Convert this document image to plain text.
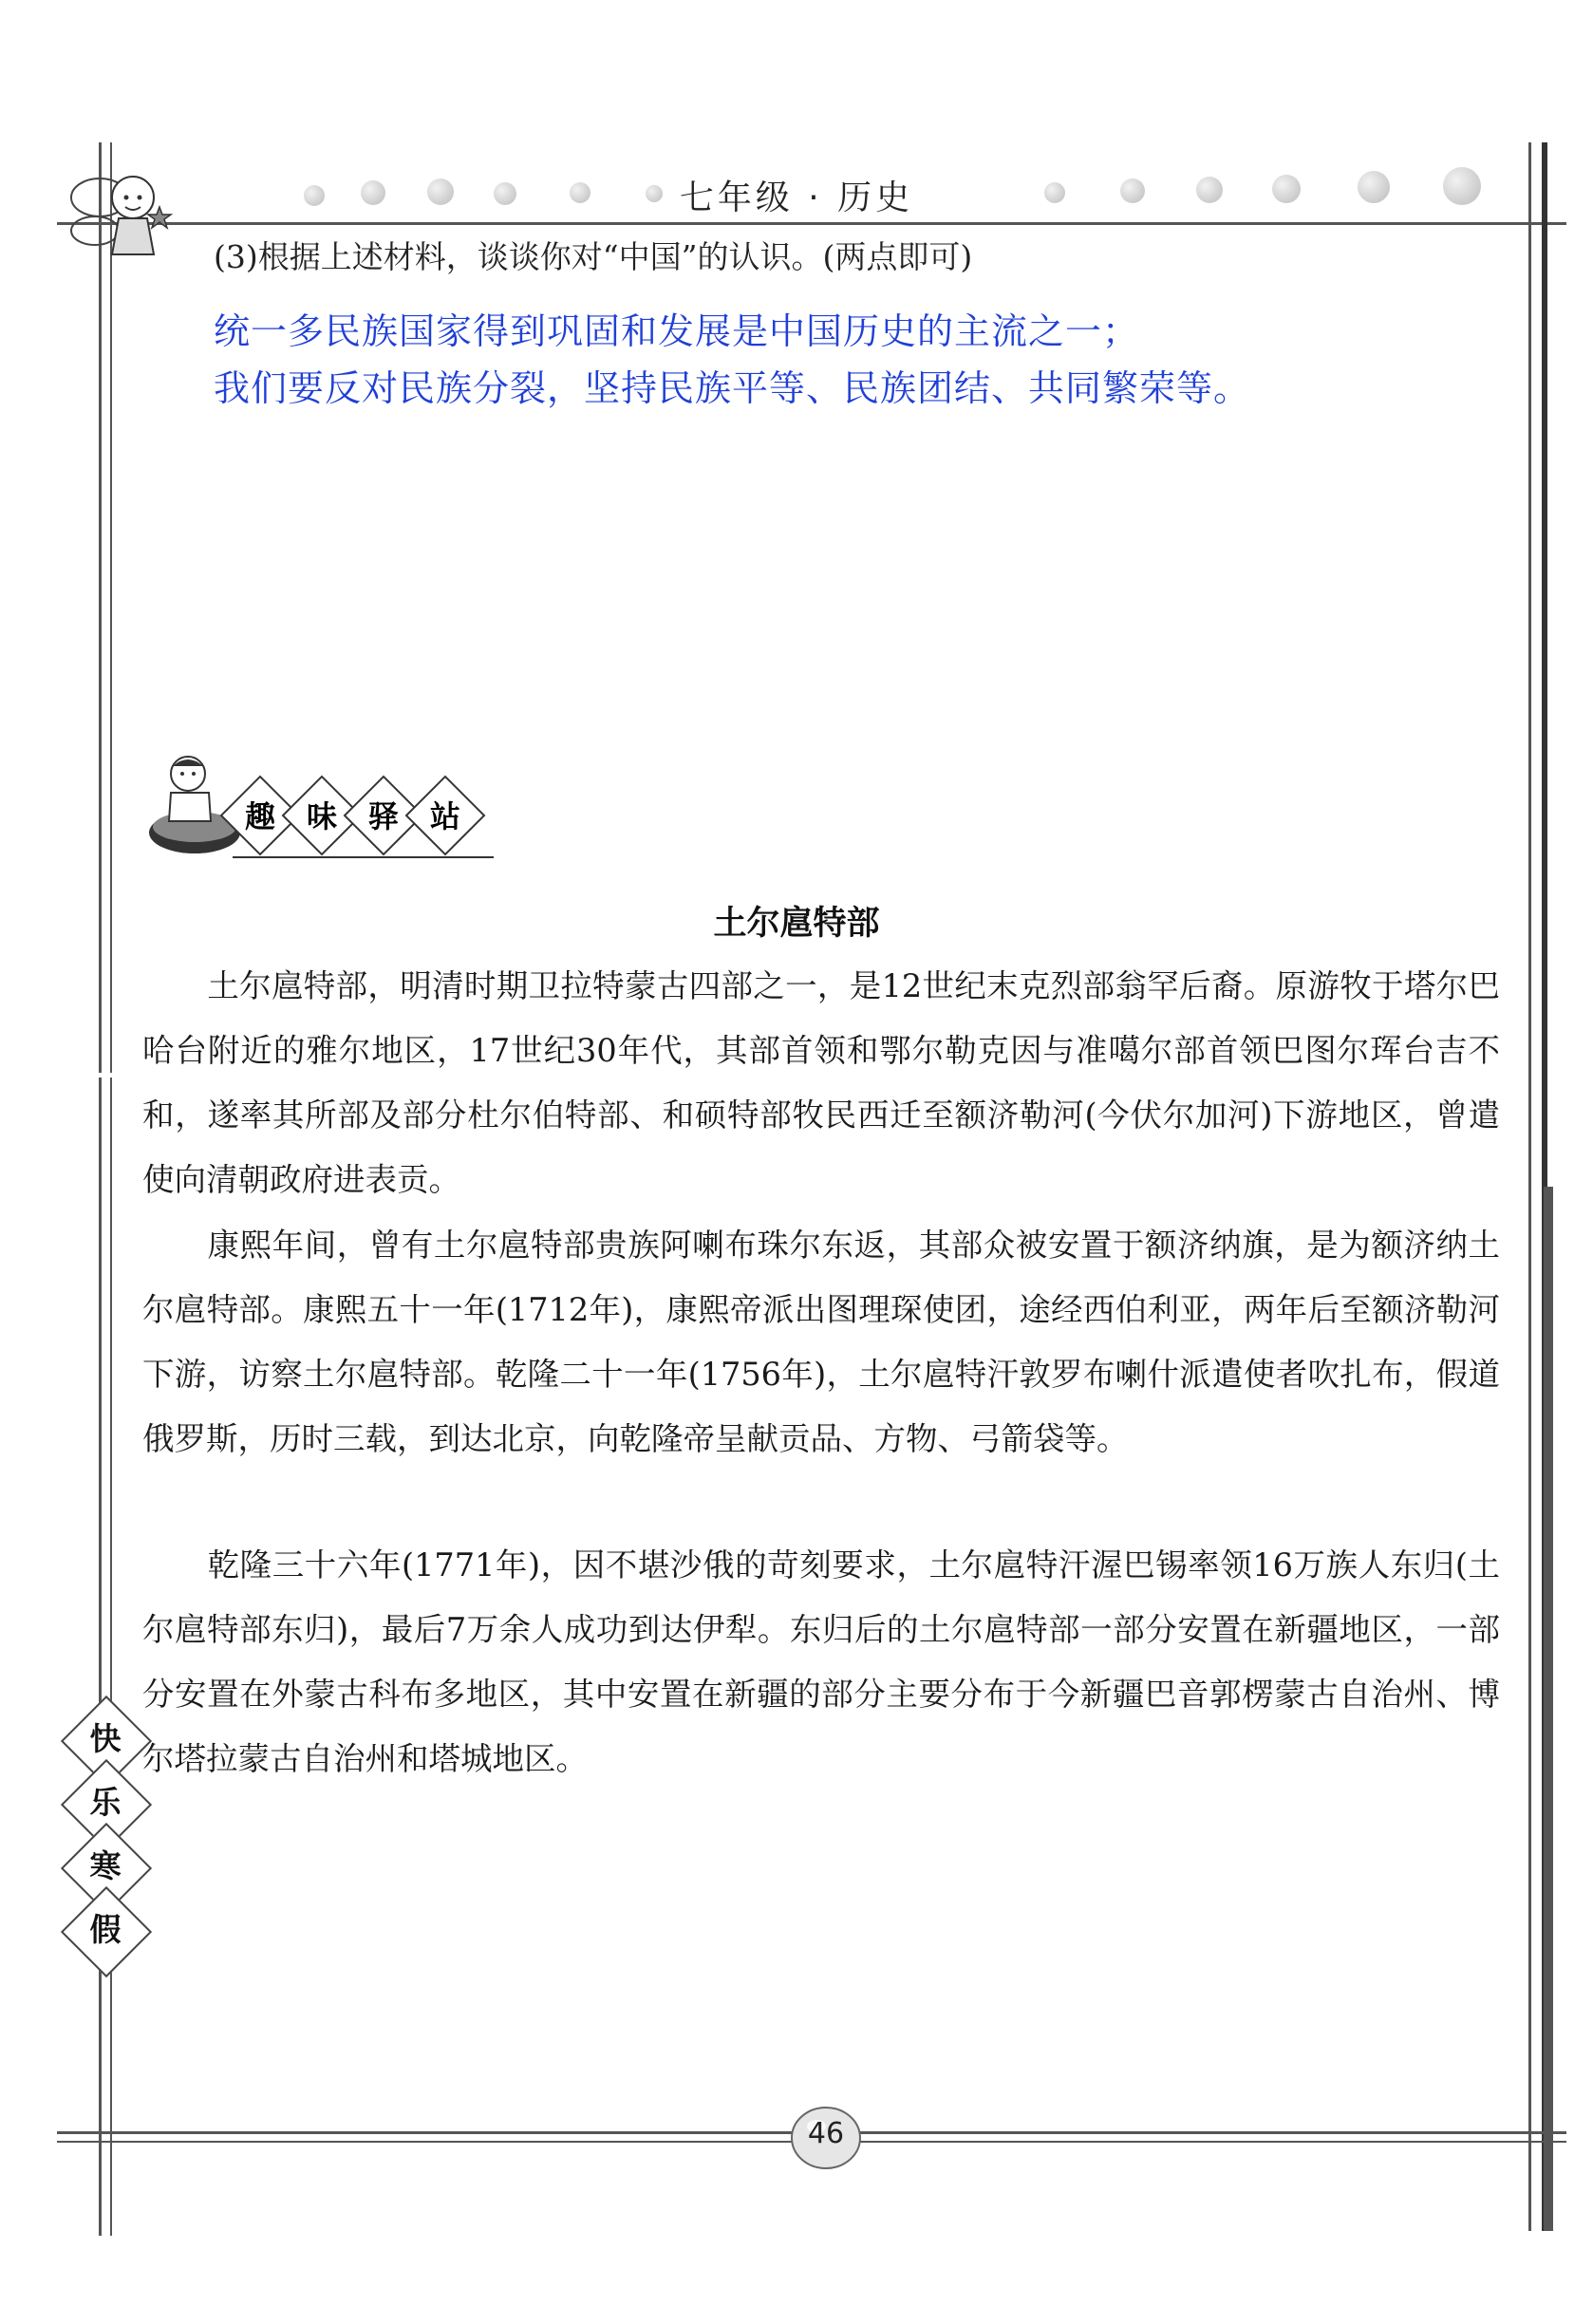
七年级 · 历史
(3)根据上述材料，谈谈你对“中国”的认识。(两点即可)
统一多民族国家得到巩固和发展是中国历史的主流之一；
我们要反对民族分裂，坚持民族平等、民族团结、共同繁荣等。
趣 味 驿 站
土尔扈特部
土尔扈特部，明清时期卫拉特蒙古四部之一，是12世纪末克烈部翁罕后裔。原游牧于塔尔巴哈台附近的雅尔地区，17世纪30年代，其部首领和鄂尔勒克因与准噶尔部首领巴图尔珲台吉不和，遂率其所部及部分杜尔伯特部、和硕特部牧民西迁至额济勒河(今伏尔加河)下游地区，曾遣使向清朝政府进表贡。
康熙年间，曾有土尔扈特部贵族阿喇布珠尔东返，其部众被安置于额济纳旗，是为额济纳土尔扈特部。康熙五十一年(1712年)，康熙帝派出图理琛使团，途经西伯利亚，两年后至额济勒河下游，访察土尔扈特部。乾隆二十一年(1756年)，土尔扈特汗敦罗布喇什派遣使者吹扎布，假道俄罗斯，历时三载，到达北京，向乾隆帝呈献贡品、方物、弓箭袋等。
乾隆三十六年(1771年)，因不堪沙俄的苛刻要求，土尔扈特汗渥巴锡率领16万族人东归(土尔扈特部东归)，最后7万余人成功到达伊犁。东归后的土尔扈特部一部分安置在新疆地区，一部分安置在外蒙古科布多地区，其中安置在新疆的部分主要分布于今新疆巴音郭楞蒙古自治州、博尔塔拉蒙古自治州和塔城地区。
快
乐
寒
假
46
